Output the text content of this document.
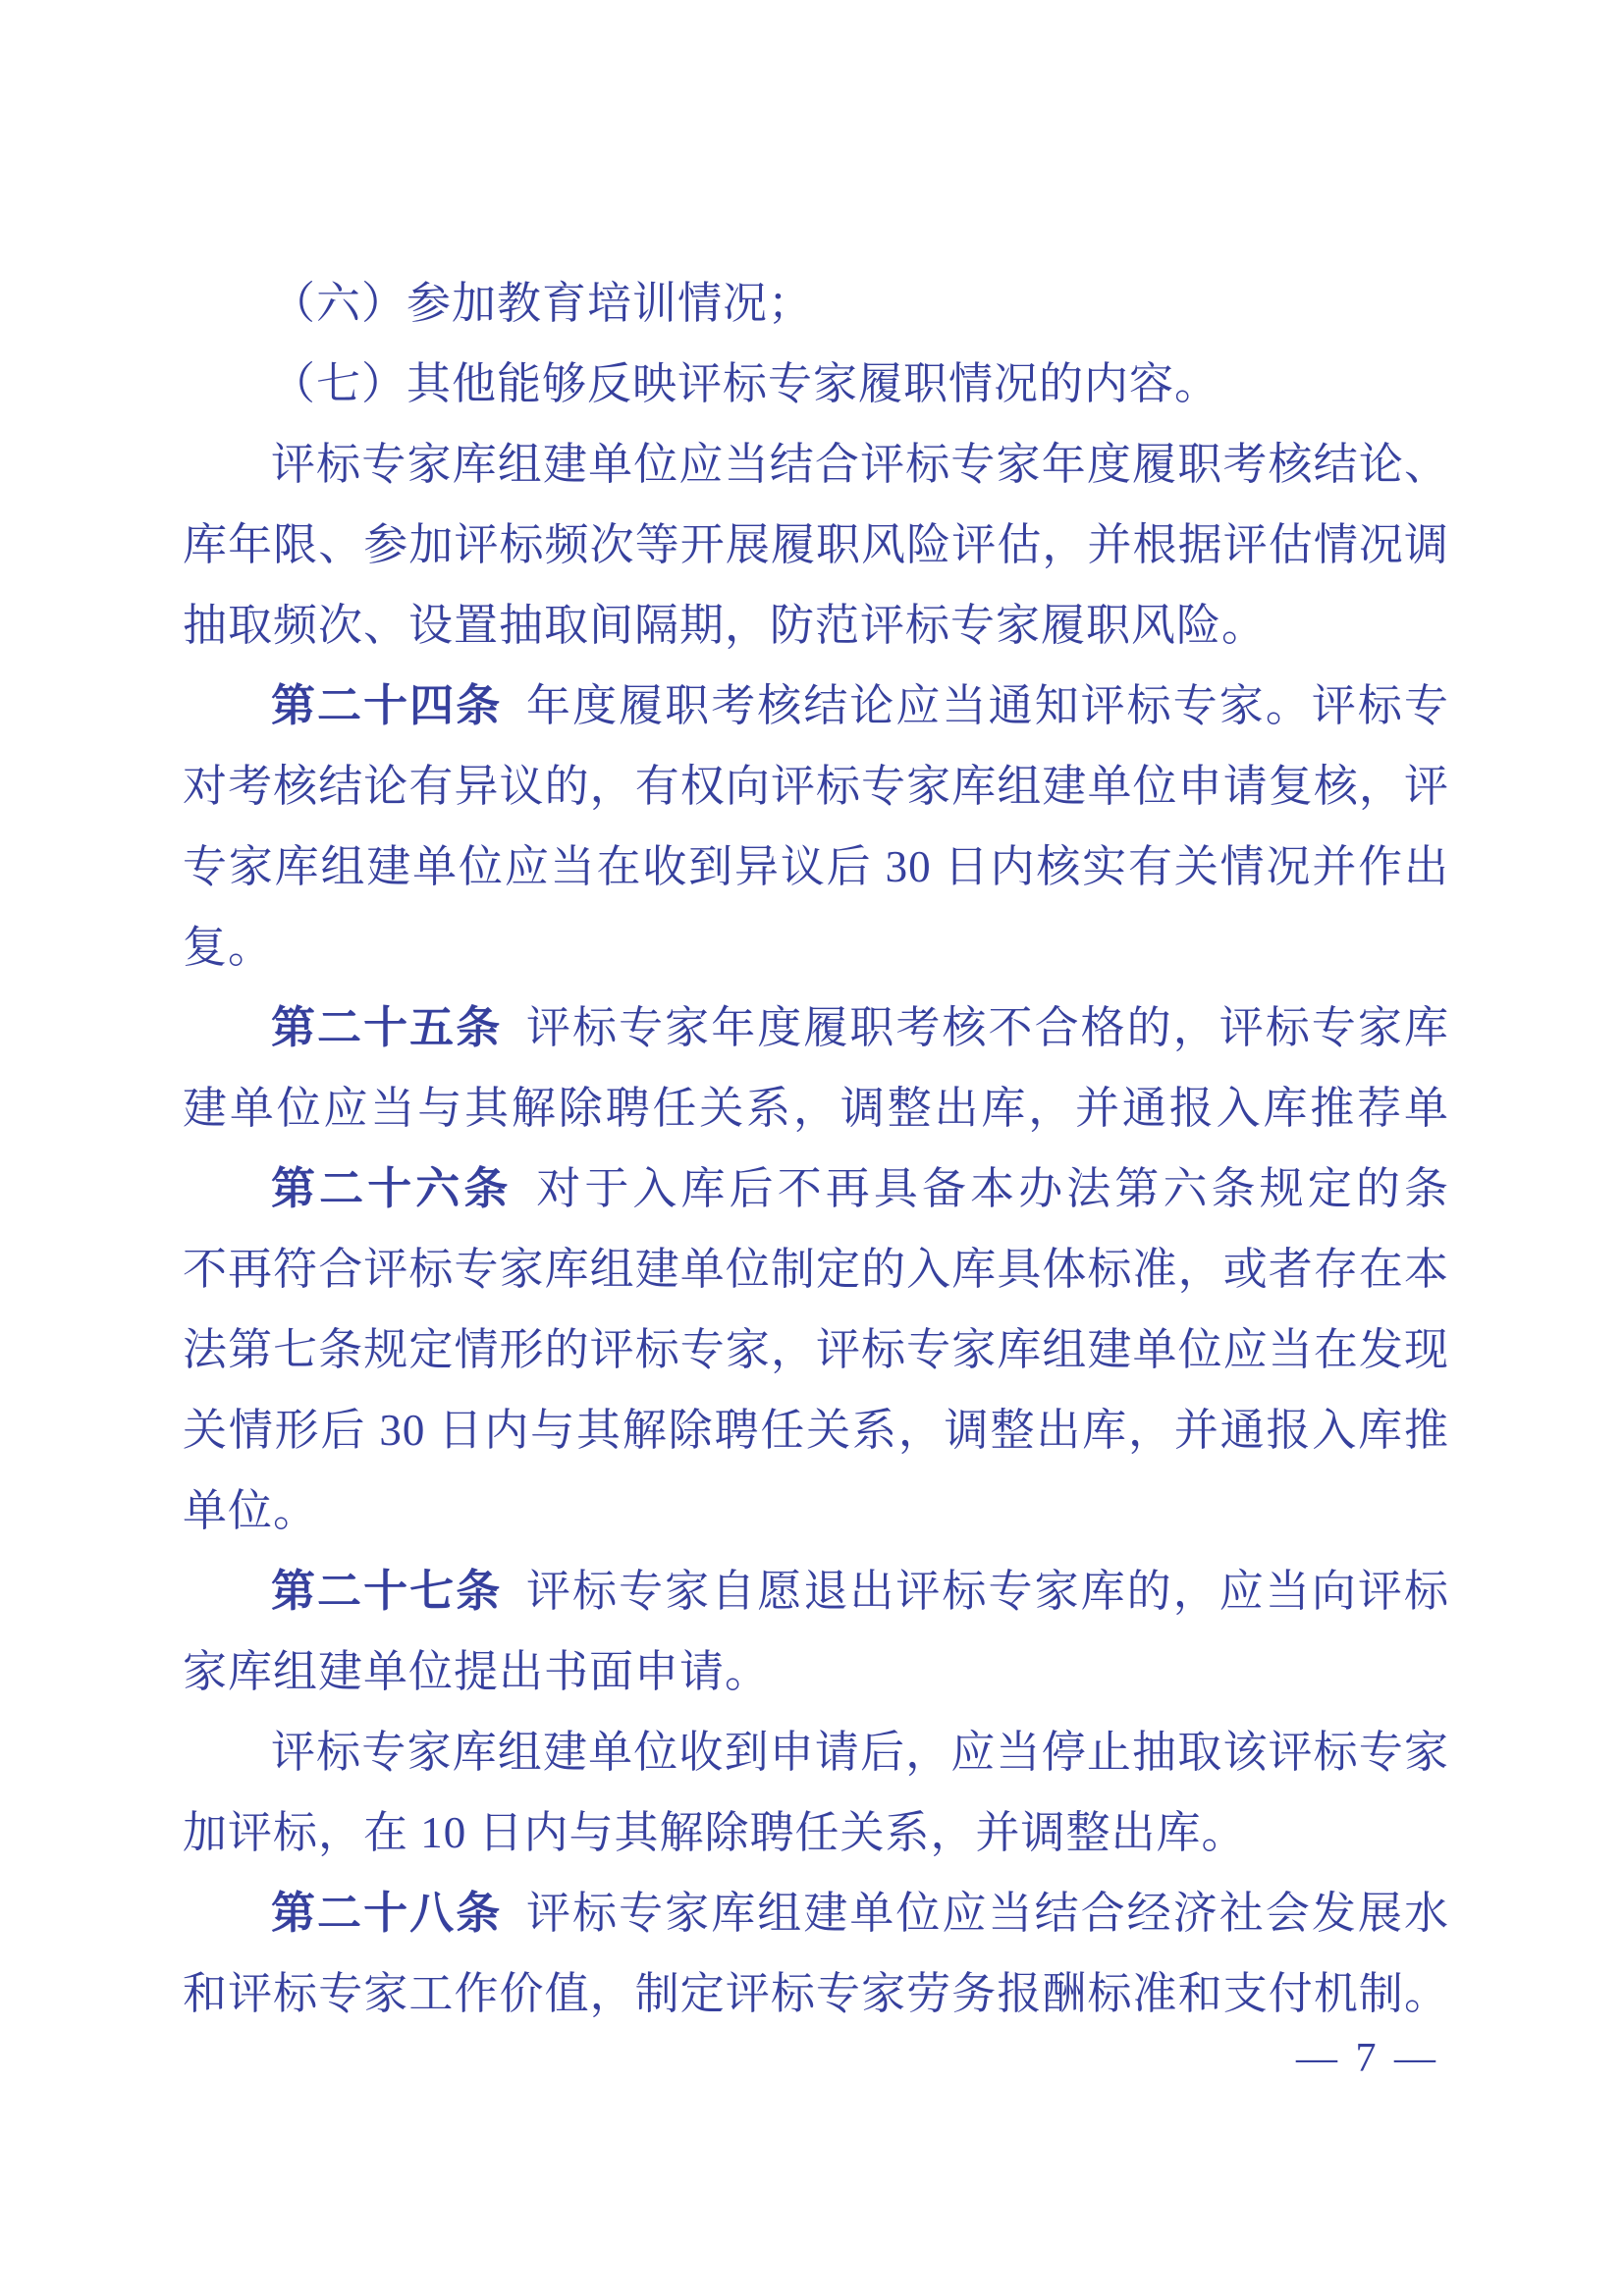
（六）参加教育培训情况；
（七）其他能够反映评标专家履职情况的内容。
评标专家库组建单位应当结合评标专家年度履职考核结论、
库年限、参加评标频次等开展履职风险评估，并根据评估情况调
抽取频次、设置抽取间隔期，防范评标专家履职风险。
第二十四条 年度履职考核结论应当通知评标专家。评标专
对考核结论有异议的，有权向评标专家库组建单位申请复核，评
专家库组建单位应当在收到异议后 30 日内核实有关情况并作出
复。
第二十五条 评标专家年度履职考核不合格的，评标专家库
建单位应当与其解除聘任关系，调整出库，并通报入库推荐单
第二十六条 对于入库后不再具备本办法第六条规定的条
不再符合评标专家库组建单位制定的入库具体标准，或者存在本
法第七条规定情形的评标专家，评标专家库组建单位应当在发现
关情形后 30 日内与其解除聘任关系，调整出库，并通报入库推
单位。
第二十七条 评标专家自愿退出评标专家库的，应当向评标
家库组建单位提出书面申请。
评标专家库组建单位收到申请后，应当停止抽取该评标专家
加评标，在 10 日内与其解除聘任关系，并调整出库。
第二十八条 评标专家库组建单位应当结合经济社会发展水
和评标专家工作价值，制定评标专家劳务报酬标准和支付机制。
— 7 —
